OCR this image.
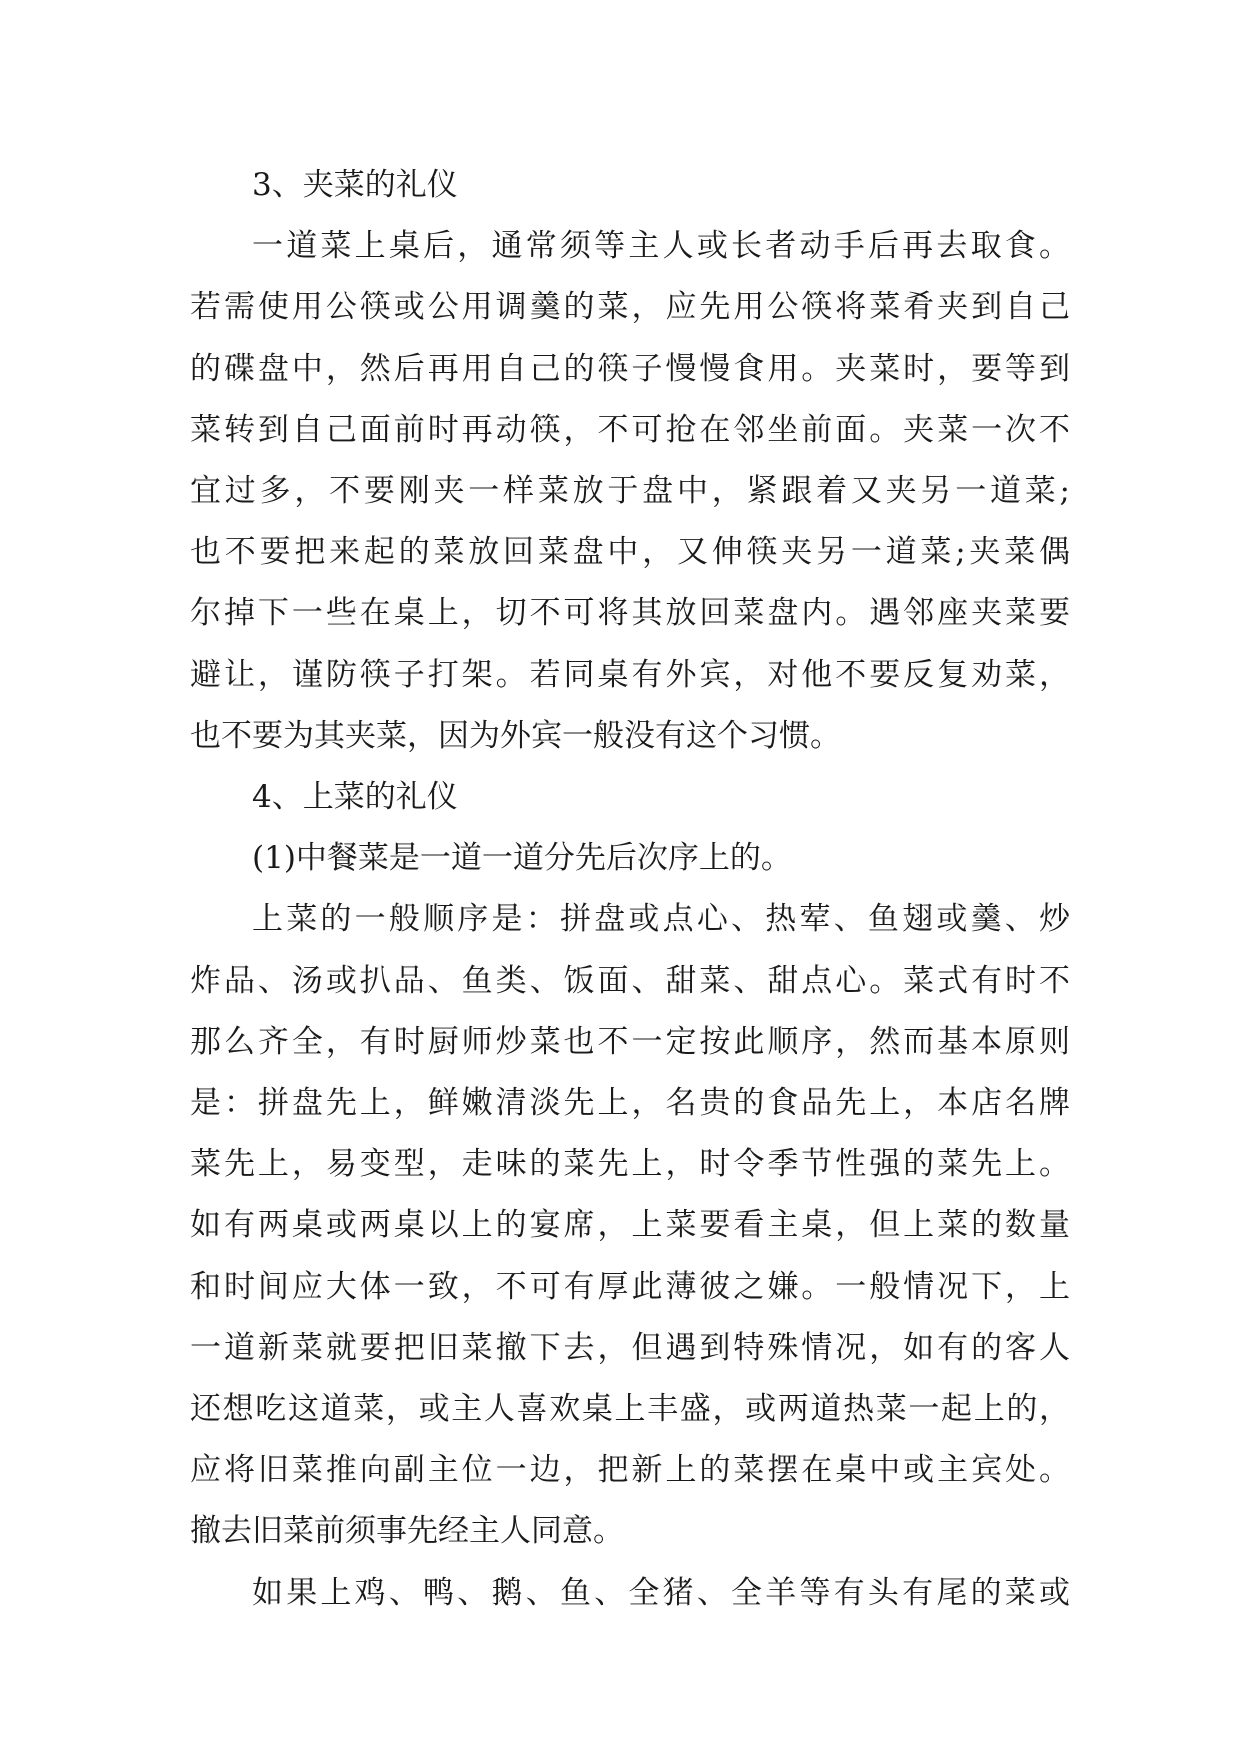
3、夹菜的礼仪
一道菜上桌后，通常须等主人或长者动手后再去取食。
若需使用公筷或公用调羹的菜，应先用公筷将菜肴夹到自己
的碟盘中，然后再用自己的筷子慢慢食用。夹菜时，要等到
菜转到自己面前时再动筷，不可抢在邻坐前面。夹菜一次不
宜过多，不要刚夹一样菜放于盘中，紧跟着又夹另一道菜;
也不要把来起的菜放回菜盘中，又伸筷夹另一道菜;夹菜偶
尔掉下一些在桌上，切不可将其放回菜盘内。遇邻座夹菜要
避让，谨防筷子打架。若同桌有外宾，对他不要反复劝菜，
也不要为其夹菜，因为外宾一般没有这个习惯。
4、上菜的礼仪
(1)中餐菜是一道一道分先后次序上的。
上菜的一般顺序是：拼盘或点心、热荤、鱼翅或羹、炒
炸品、汤或扒品、鱼类、饭面、甜菜、甜点心。菜式有时不
那么齐全，有时厨师炒菜也不一定按此顺序，然而基本原则
是：拼盘先上，鲜嫩清淡先上，名贵的食品先上，本店名牌
菜先上，易变型，走味的菜先上，时令季节性强的菜先上。
如有两桌或两桌以上的宴席，上菜要看主桌，但上菜的数量
和时间应大体一致，不可有厚此薄彼之嫌。一般情况下，上
一道新菜就要把旧菜撤下去，但遇到特殊情况，如有的客人
还想吃这道菜，或主人喜欢桌上丰盛，或两道热菜一起上的，
应将旧菜推向副主位一边，把新上的菜摆在桌中或主宾处。
撤去旧菜前须事先经主人同意。
如果上鸡、鸭、鹅、鱼、全猪、全羊等有头有尾的菜或
